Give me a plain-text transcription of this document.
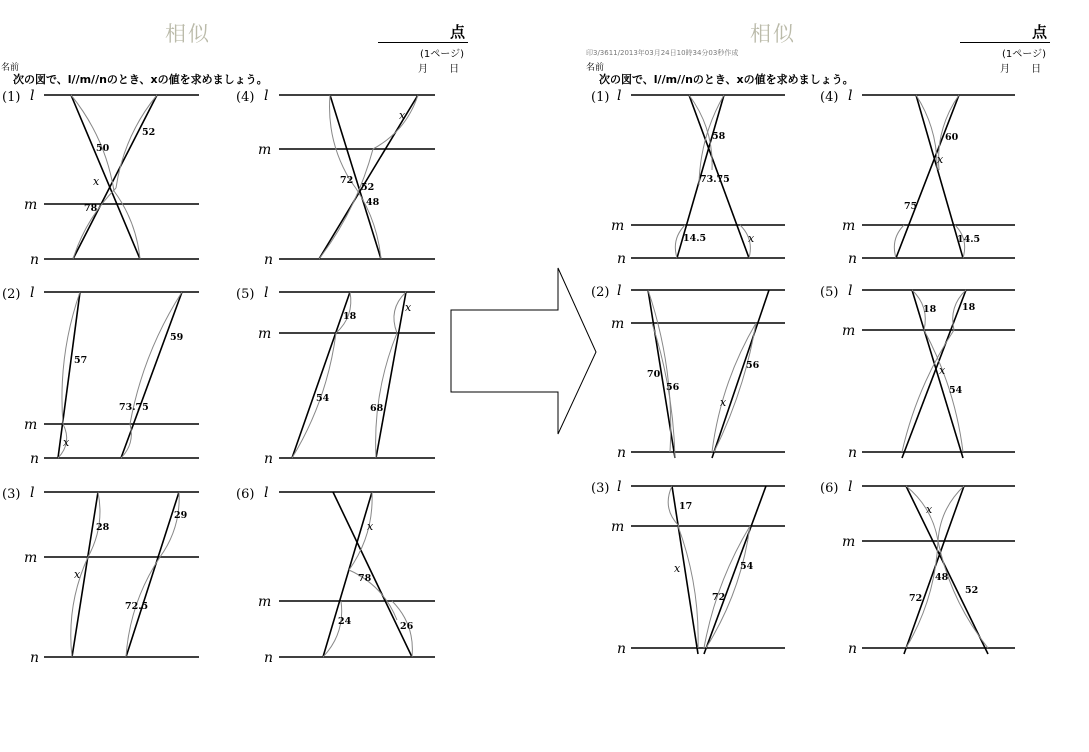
相似	点
(1ページ)
月 日
名前
次の図で、l//m//nのとき、xの値を求めましょう。
相似	点
(1ページ)
月 日
印3/3611/2013年03月24日10時34分03秒作成
名前
次の図で、l//m//nのとき、xの値を求めましょう。
(1) l
m
n
50
52
x
78
(2) l
m
n
57
59
73.75
x
(3) l
m
n
28
29
x
72.5
(4) l
m
n
x
72
52
48
(5) l
m
n
18
x
54
68
(6) l
m
n
x
78
24	26
(1) l
m
n
58
73.75
14.5	x
(2) l
m
n
70
56
56
x
(3) l
m
n
17
x
72
54
(4) l
m
n
60
x
75
14.5
(5) l
m
n
18	18
x
54
(6) l
m
n
x
48
72
52
